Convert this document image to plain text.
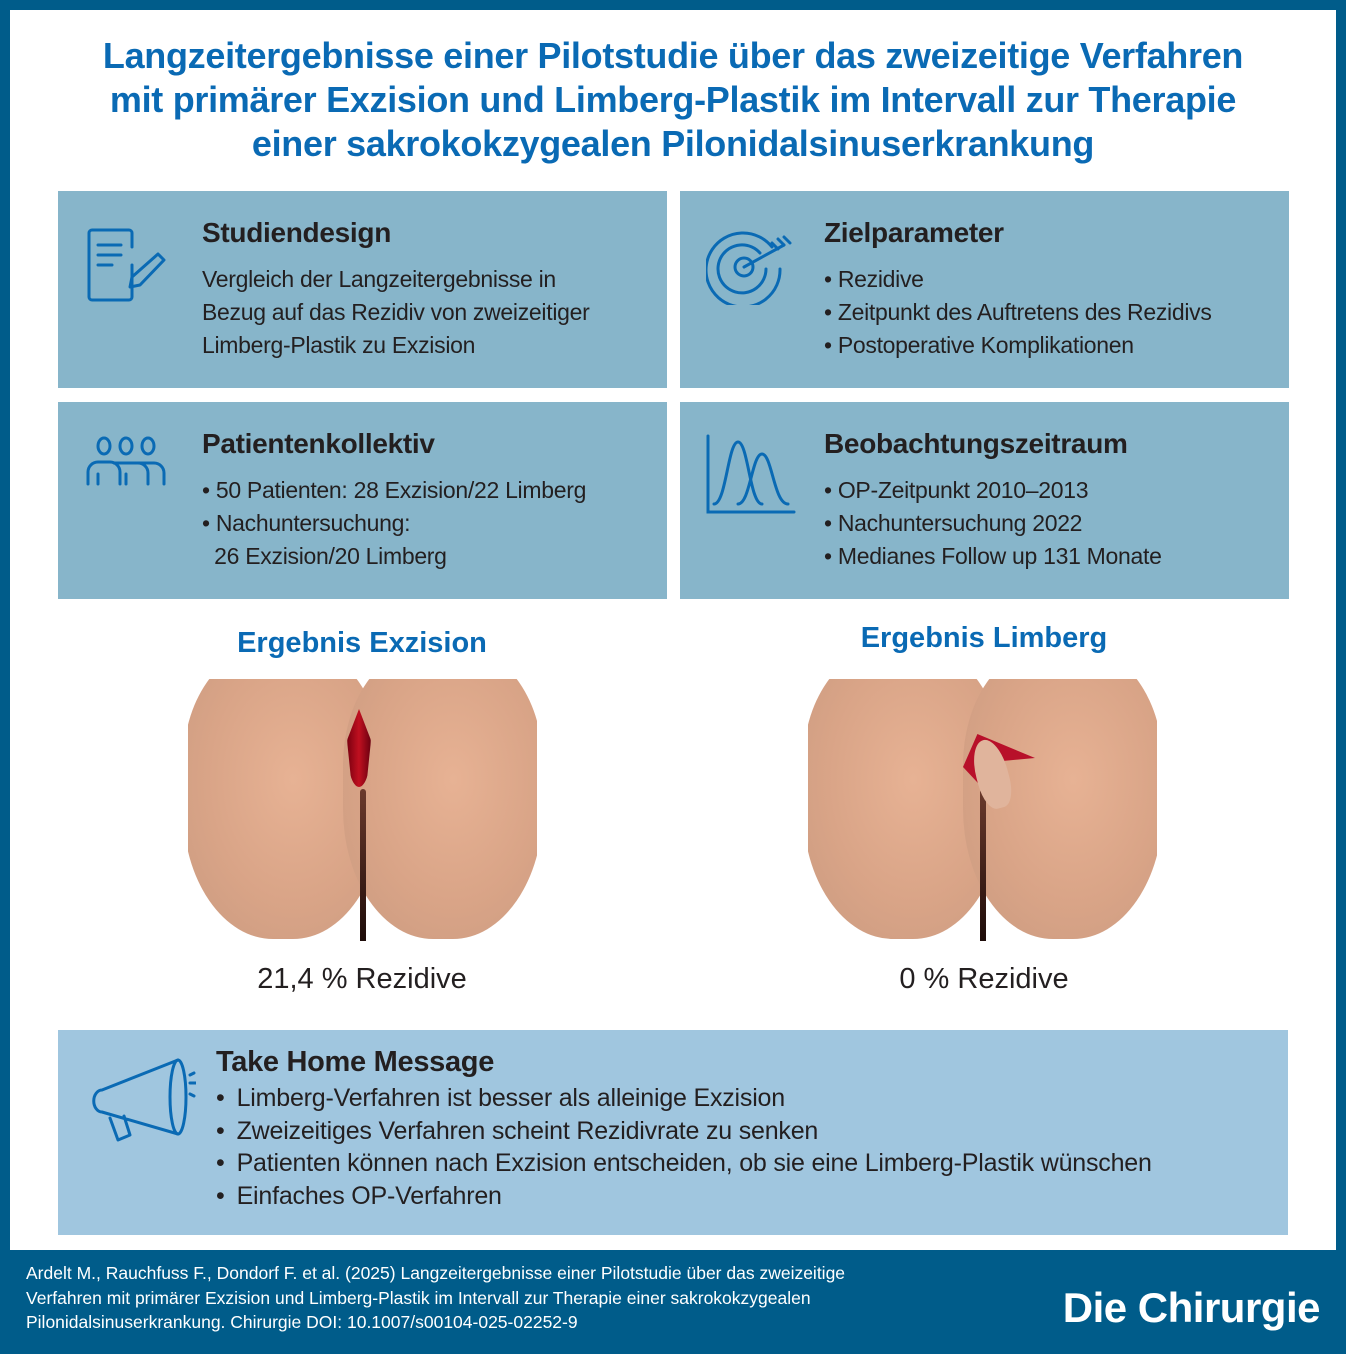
Langzeitergebnisse einer Pilotstudie über das zweizeitige Verfahren
mit primärer Exzision und Limberg-Plastik im Intervall zur Therapie
einer sakrokokzygealen Pilonidalsinuserkrankung
Studiendesign
Vergleich der Langzeitergebnisse in
Bezug auf das Rezidiv von zweizeitiger
Limberg-Plastik zu Exzision
Zielparameter
• Rezidive
• Zeitpunkt des Auftretens des Rezidivs
• Postoperative Komplikationen
Patientenkollektiv
• 50 Patienten: 28 Exzision/22 Limberg
• Nachuntersuchung:
26 Exzision/20 Limberg
Beobachtungszeitraum
• OP-Zeitpunkt 2010–2013
• Nachuntersuchung 2022
• Medianes Follow up 131 Monate
Ergebnis Exzision
21,4 % Rezidive
Ergebnis Limberg
0 % Rezidive
Take Home Message
• Limberg-Verfahren ist besser als alleinige Exzision
• Zweizeitiges Verfahren scheint Rezidivrate zu senken
• Patienten können nach Exzision entscheiden, ob sie eine Limberg-Plastik wünschen
• Einfaches OP-Verfahren
Ardelt M., Rauchfuss F., Dondorf F. et al. (2025) Langzeitergebnisse einer Pilotstudie über das zweizeitige
Verfahren mit primärer Exzision und Limberg-Plastik im Intervall zur Therapie einer sakrokokzygealen
Pilonidalsinuserkrankung. Chirurgie DOI: 10.1007/s00104-025-02252-9	Die Chirurgie
